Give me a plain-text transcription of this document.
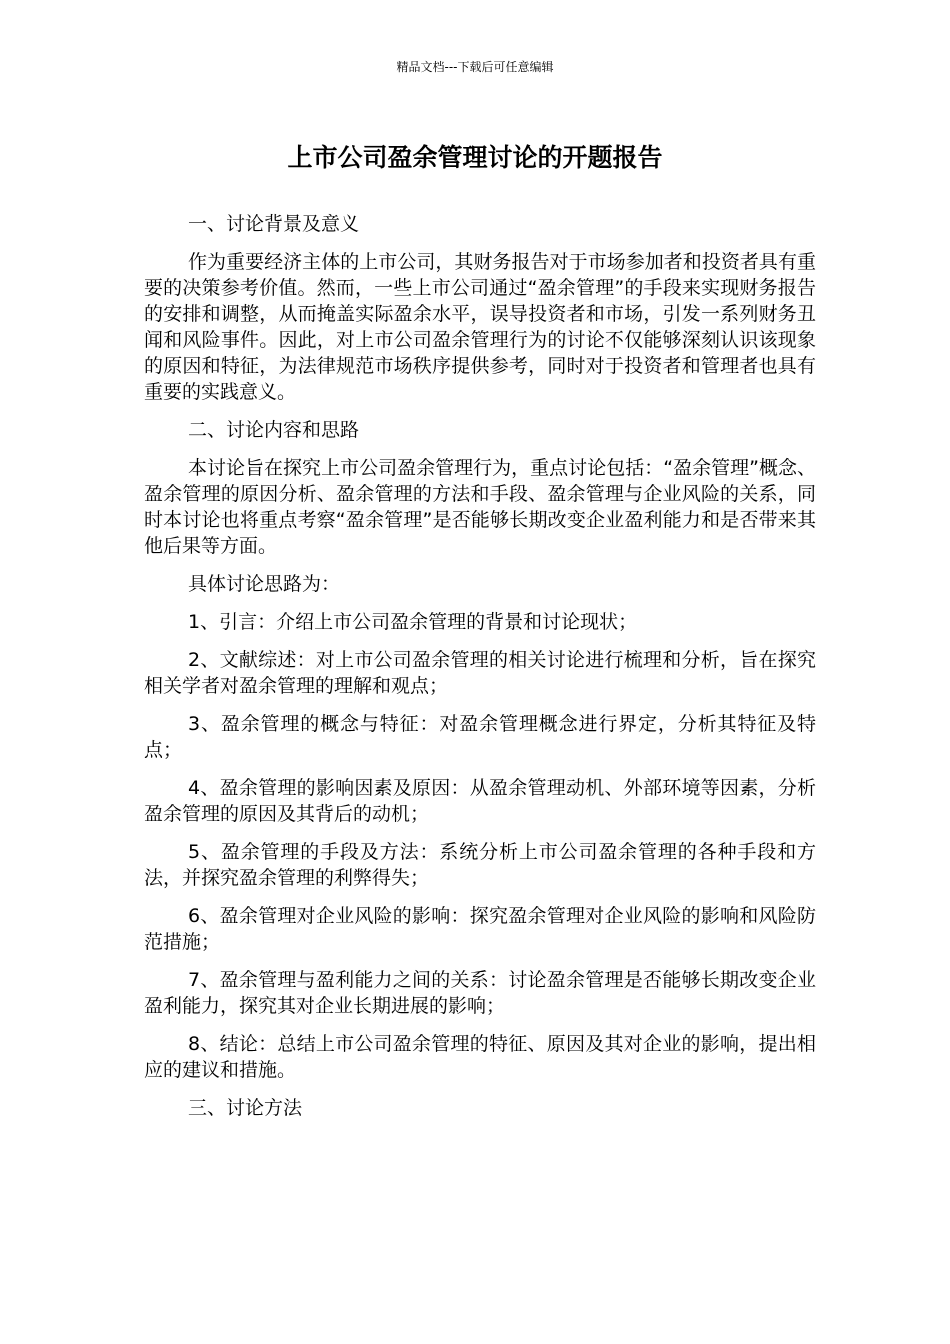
精品文档---下载后可任意编辑
上市公司盈余管理讨论的开题报告

一、讨论背景及意义

作为重要经济主体的上市公司，其财务报告对于市场参加者和投资者具有重要的决策参考价值。然而，一些上市公司通过“盈余管理”的手段来实现财务报告的安排和调整，从而掩盖实际盈余水平，误导投资者和市场，引发一系列财务丑闻和风险事件。因此，对上市公司盈余管理行为的讨论不仅能够深刻认识该现象的原因和特征，为法律规范市场秩序提供参考，同时对于投资者和管理者也具有重要的实践意义。

二、讨论内容和思路

本讨论旨在探究上市公司盈余管理行为，重点讨论包括：“盈余管理”概念、盈余管理的原因分析、盈余管理的方法和手段、盈余管理与企业风险的关系，同时本讨论也将重点考察“盈余管理”是否能够长期改变企业盈利能力和是否带来其他后果等方面。

具体讨论思路为：

1、引言：介绍上市公司盈余管理的背景和讨论现状；

2、文献综述：对上市公司盈余管理的相关讨论进行梳理和分析，旨在探究相关学者对盈余管理的理解和观点；

3、盈余管理的概念与特征：对盈余管理概念进行界定，分析其特征及特点；

4、盈余管理的影响因素及原因：从盈余管理动机、外部环境等因素，分析盈余管理的原因及其背后的动机；

5、盈余管理的手段及方法：系统分析上市公司盈余管理的各种手段和方法，并探究盈余管理的利弊得失；

6、盈余管理对企业风险的影响：探究盈余管理对企业风险的影响和风险防范措施；

7、盈余管理与盈利能力之间的关系：讨论盈余管理是否能够长期改变企业盈利能力，探究其对企业长期进展的影响；

8、结论：总结上市公司盈余管理的特征、原因及其对企业的影响，提出相应的建议和措施。

三、讨论方法
